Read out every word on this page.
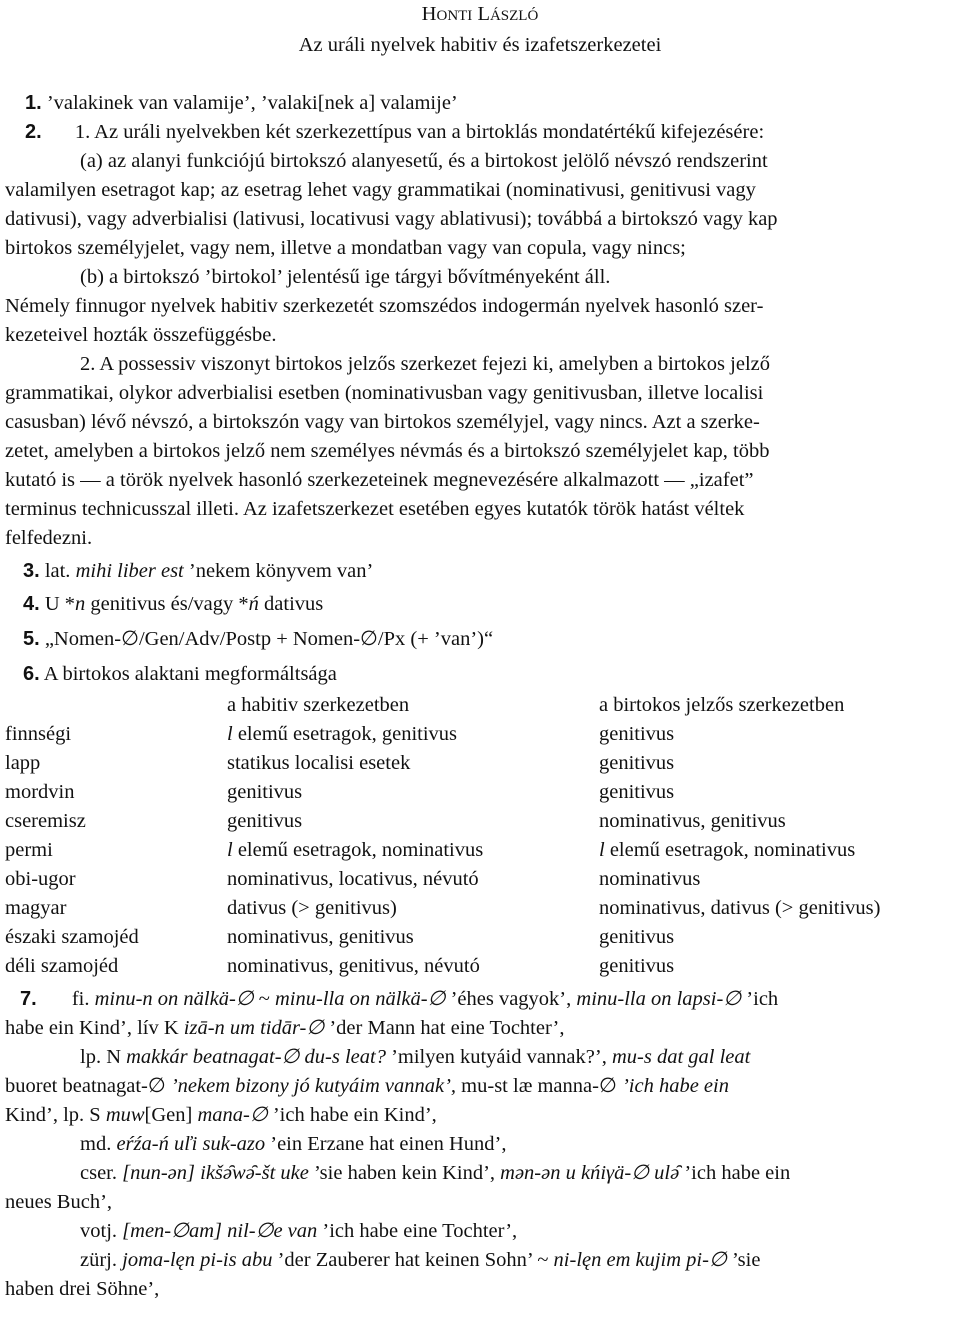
HONTI LÁSZLÓ

Az uráli nyelvek habitiv és izafetszerkezetei

1. ’valakinek van valamije’, ’valaki[nek a] valamije’

2. 1. Az uráli nyelvekben két szerkezettípus van a birtoklás mondatértékű kifejezésére:

(a) az alanyi funkciójú birtokszó alanyesetű, és a birtokost jelölő névszó rendszerint

valamilyen esetragot kap; az esetrag lehet vagy grammatikai (nominativusi, genitivusi vagy

dativusi), vagy adverbialisi (lativusi, locativusi vagy ablativusi); továbbá a birtokszó vagy kap

birtokos személyjelet, vagy nem, illetve a mondatban vagy van copula, vagy nincs;

(b) a birtokszó ’birtokol’ jelentésű ige tárgyi bővítményeként áll.

Némely finnugor nyelvek habitiv szerkezetét szomszédos indogermán nyelvek hasonló szer-

kezeteivel hozták összefüggésbe.

2. A possessiv viszonyt birtokos jelzős szerkezet fejezi ki, amelyben a birtokos jelző

grammatikai, olykor adverbialisi esetben (nominativusban vagy genitivusban, illetve localisi

casusban) lévő névszó, a birtokszón vagy van birtokos személyjel, vagy nincs. Azt a szerke-

zetet, amelyben a birtokos jelző nem személyes névmás és a birtokszó személyjelet kap, több

kutató is — a török nyelvek hasonló szerkezeteinek megnevezésére alkalmazott — „izafet”

terminus technicusszal illeti. Az izafetszerkezet esetében egyes kutatók török hatást véltek

felfedezni.

3. lat. mihi liber est ’nekem könyvem van’

4. U *n genitivus és/vagy *ń dativus

5. „Nomen-∅/Gen/Adv/Postp + Nomen-∅/Px (+ ’van’)“

6. A birtokos alaktani megformáltsága

	a habitiv szerkezetben	a birtokos jelzős szerkezetben
finnségi	l elemű esetragok, genitivus	genitivus
lapp	statikus localisi esetek	genitivus
mordvin	genitivus	genitivus
cseremisz	genitivus	nominativus, genitivus
permi	l elemű esetragok, nominativus	l elemű esetragok, nominativus
obi-ugor	nominativus, locativus, névutó	nominativus
magyar	dativus (> genitivus)	nominativus, dativus (> genitivus)
északi szamojéd	nominativus, genitivus	genitivus
déli szamojéd	nominativus, genitivus, névutó	genitivus

7. fi. minu-n on nälkä-∅ ~ minu-lla on nälkä-∅ ’éhes vagyok’, minu-lla on lapsi-∅ ’ich

habe ein Kind’, lív K izā-n um tidār-∅ ’der Mann hat eine Tochter’,

lp. N makkár beatnagat-∅ du-s leat? ’milyen kutyáid vannak?’, mu-s dat gal leat

buoret beatnagat-∅ ’nekem bizony jó kutyáim vannak’, mu-st læ manna-∅ ’ich habe ein

Kind’, lp. S muw[Gen] mana-∅ ’ich habe ein Kind’,

md. eŕźa-ń uľi suk-azo ’ein Erzane hat einen Hund’,

cser. [nun-ən] ikšə̑wə̑-št uke ’sie haben kein Kind’, mən-ən u kńiγä-∅ ulə̑ ’ich habe ein

neues Buch’,

votj. [men-∅am] nil-∅e van ’ich habe eine Tochter’,

zürj. joma-lęn pi-is abu ’der Zauberer hat keinen Sohn’ ~ ni-lęn em kujim pi-∅ ’sie

haben drei Söhne’,
